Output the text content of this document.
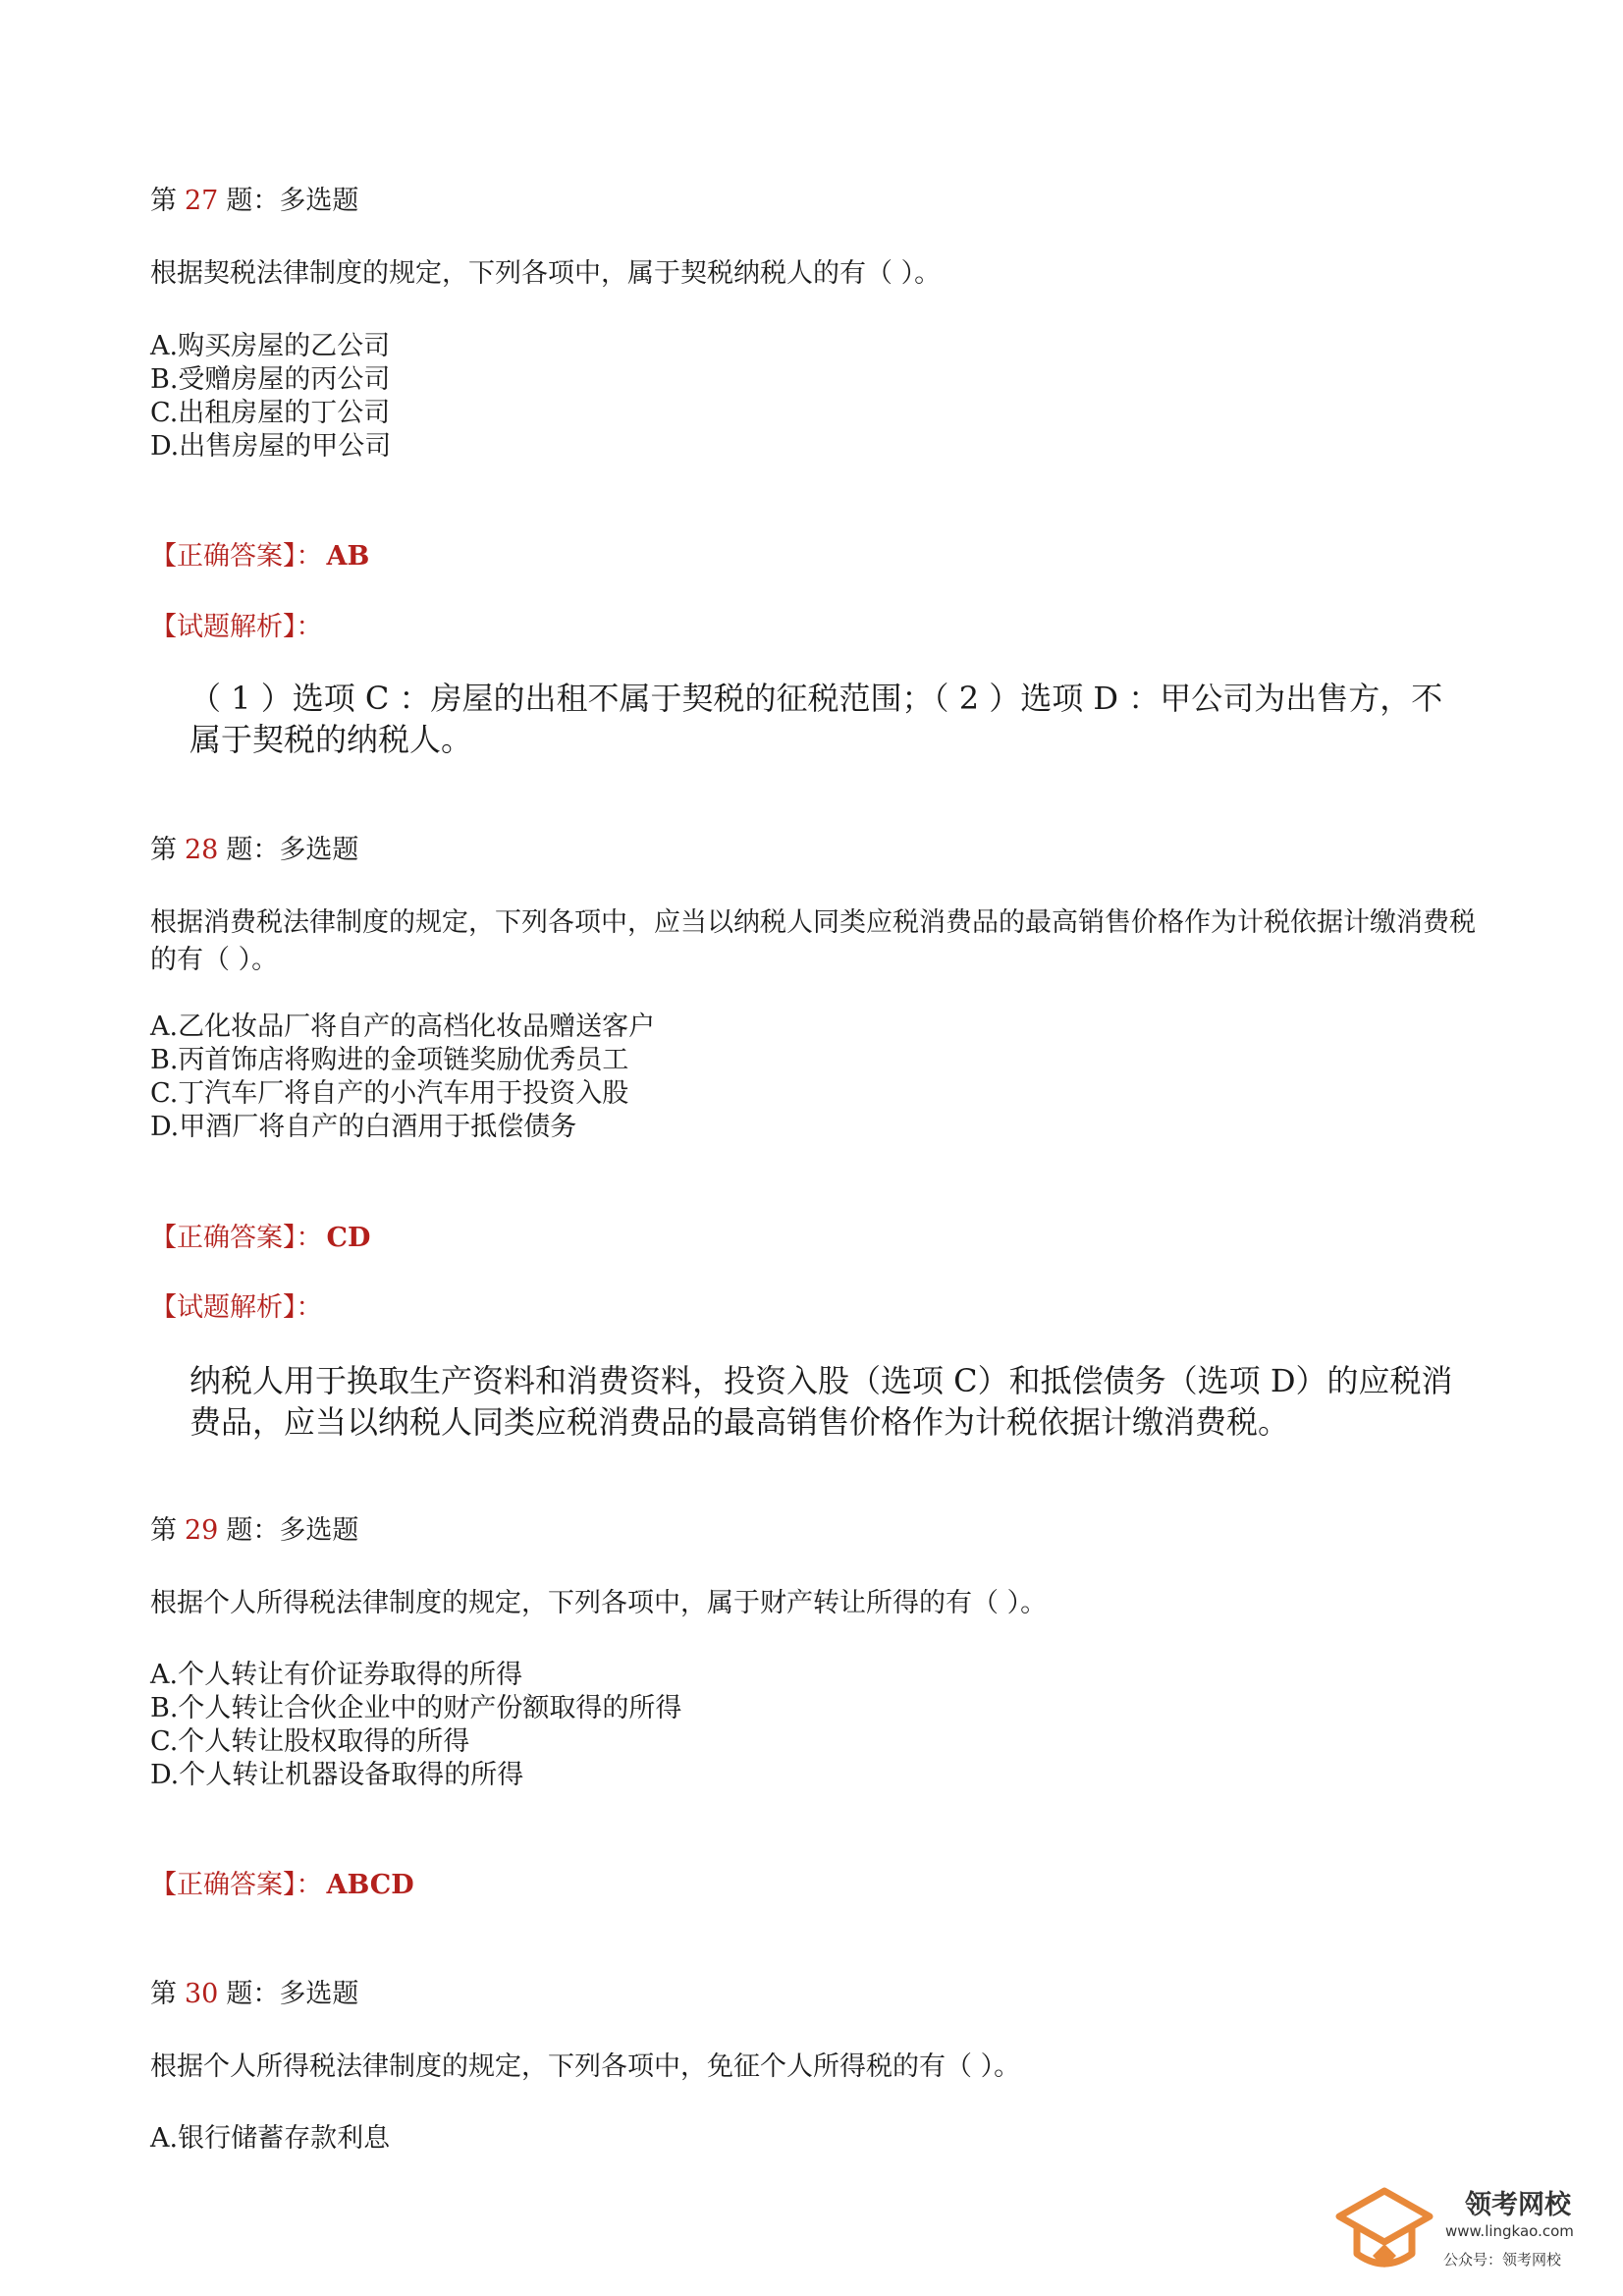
第 27 题：多选题
根据契税法律制度的规定，下列各项中，属于契税纳税人的有（ ）。
A.购买房屋的乙公司
B.受赠房屋的丙公司
C.出租房屋的丁公司
D.出售房屋的甲公司
【正确答案】： AB
【试题解析】：
（ 1 ）选项 C ：房屋的出租不属于契税的征税范围；（ 2 ）选项 D ：甲公司为出售方，不属于契税的纳税人。
第 28 题：多选题
根据消费税法律制度的规定，下列各项中，应当以纳税人同类应税消费品的最高销售价格作为计税依据计缴消费税的有（ ）。
A.乙化妆品厂将自产的高档化妆品赠送客户
B.丙首饰店将购进的金项链奖励优秀员工
C.丁汽车厂将自产的小汽车用于投资入股
D.甲酒厂将自产的白酒用于抵偿债务
【正确答案】： CD
【试题解析】：
纳税人用于换取生产资料和消费资料，投资入股（选项 C）和抵偿债务（选项 D）的应税消费品，应当以纳税人同类应税消费品的最高销售价格作为计税依据计缴消费税。
第 29 题：多选题
根据个人所得税法律制度的规定，下列各项中，属于财产转让所得的有（ ）。
A.个人转让有价证券取得的所得
B.个人转让合伙企业中的财产份额取得的所得
C.个人转让股权取得的所得
D.个人转让机器设备取得的所得
【正确答案】： ABCD
第 30 题：多选题
根据个人所得税法律制度的规定，下列各项中，免征个人所得税的有（ ）。
A.银行储蓄存款利息
领考网校
www.lingkao.com
公众号：领考网校
